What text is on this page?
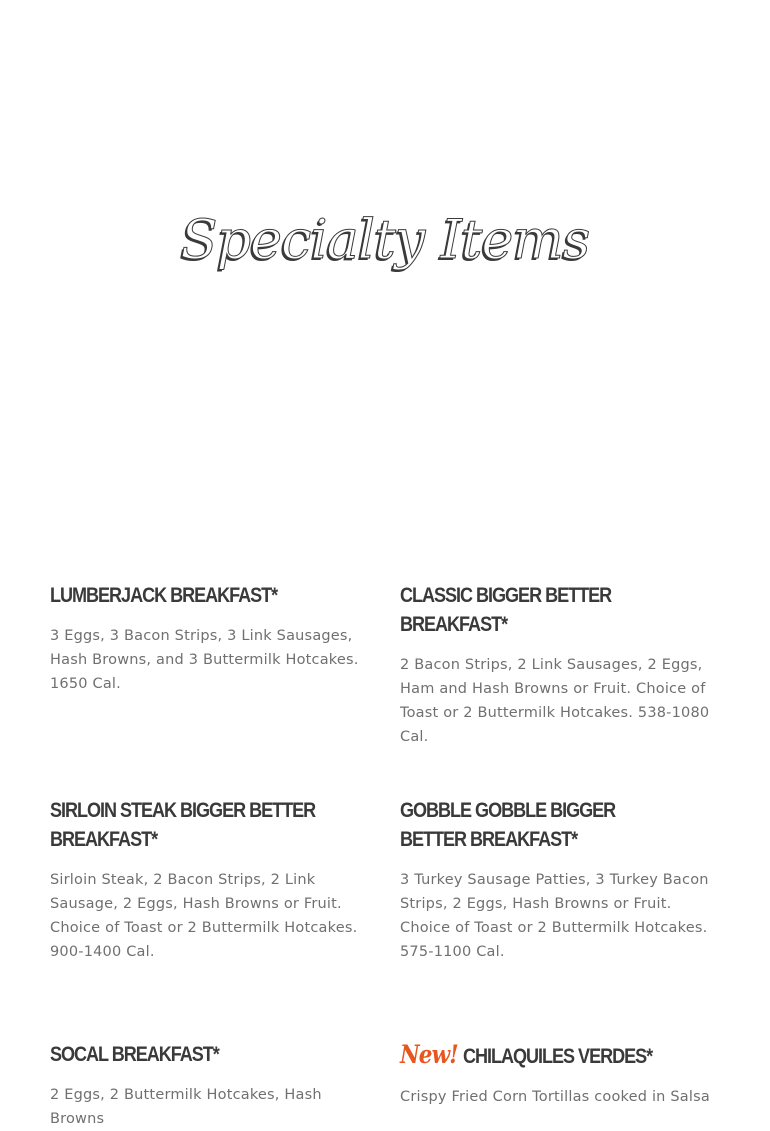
Specialty Items
LUMBERJACK BREAKFAST*
3 Eggs, 3 Bacon Strips, 3 Link Sausages, Hash Browns, and 3 Buttermilk Hotcakes. 1650 Cal.
CLASSIC BIGGER BETTER BREAKFAST*
2 Bacon Strips, 2 Link Sausages, 2 Eggs, Ham and Hash Browns or Fruit. Choice of Toast or 2 Buttermilk Hotcakes. 538-1080 Cal.
SIRLOIN STEAK BIGGER BETTER BREAKFAST*
Sirloin Steak, 2 Bacon Strips, 2 Link Sausage, 2 Eggs, Hash Browns or Fruit. Choice of Toast or 2 Buttermilk Hotcakes. 900-1400 Cal.
GOBBLE GOBBLE BIGGER BETTER BREAKFAST*
3 Turkey Sausage Patties, 3 Turkey Bacon Strips, 2 Eggs, Hash Browns or Fruit. Choice of Toast or 2 Buttermilk Hotcakes. 575-1100 Cal.
SOCAL BREAKFAST*
2 Eggs, 2 Buttermilk Hotcakes, Hash Browns
New! CHILAQUILES VERDES*
Crispy Fried Corn Tortillas cooked in Salsa
